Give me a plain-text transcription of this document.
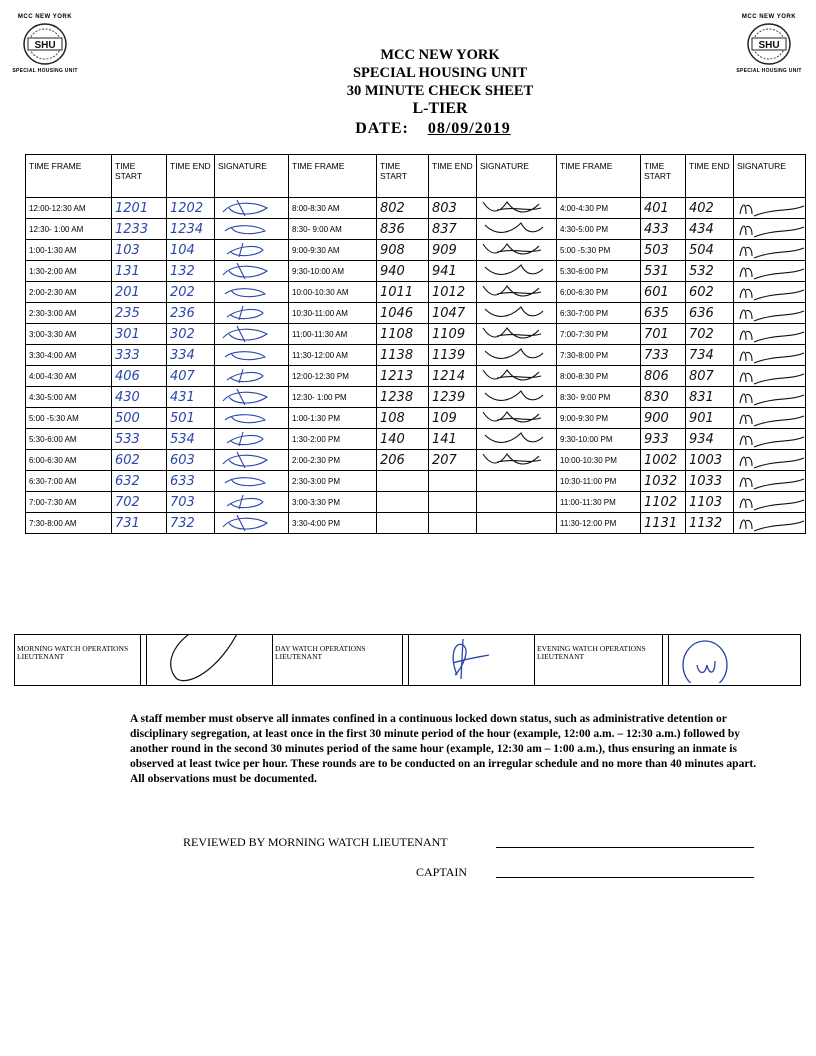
MCC NEW YORK
SHU
SPECIAL HOUSING UNIT
MCC NEW YORK
SHU
SPECIAL HOUSING UNIT
MCC NEW YORK
SPECIAL HOUSING UNIT
30 MINUTE CHECK SHEET
L-TIER
DATE: 08/09/2019
TIME FRAME	TIME START	TIME END	SIGNATURE	TIME FRAME	TIME START	TIME END	SIGNATURE	TIME FRAME	TIME START	TIME END	SIGNATURE
12:00-12:30 AM	1201	1202		8:00-8:30 AM	802	803		4:00-4:30 PM	401	402	

12:30- 1:00 AM	1233	1234		8:30- 9:00 AM	836	837		4:30-5:00 PM	433	434	

1:00-1:30 AM	103	104		9:00-9:30 AM	908	909		5:00 -5:30 PM	503	504	

1:30-2:00 AM	131	132		9:30-10:00 AM	940	941		5:30-6:00 PM	531	532	

2:00-2:30 AM	201	202		10:00-10:30 AM	1011	1012		6:00-6:30 PM	601	602	

2:30-3:00 AM	235	236		10:30-11:00 AM	1046	1047		6:30-7:00 PM	635	636	

3:00-3:30 AM	301	302		11:00-11:30 AM	1108	1109		7:00-7:30 PM	701	702	

3:30-4:00 AM	333	334		11:30-12:00 AM	1138	1139		7:30-8:00 PM	733	734	

4:00-4:30 AM	406	407		12:00-12:30 PM	1213	1214		8:00-8:30 PM	806	807	

4:30-5:00 AM	430	431		12:30- 1:00 PM	1238	1239		8:30- 9:00 PM	830	831	

5:00 -5:30 AM	500	501		1:00-1:30 PM	108	109		9:00-9:30 PM	900	901	

5:30-6:00 AM	533	534		1:30-2:00 PM	140	141		9:30-10:00 PM	933	934	

6:00-6:30 AM	602	603		2:00-2:30 PM	206	207		10:00-10:30 PM	1002	1003	

6:30-7:00 AM	632	633		2:30-3:00 PM				10:30-11:00 PM	1032	1033	

7:00-7:30 AM	702	703		3:00-3:30 PM				11:00-11:30 PM	1102	1103	

7:30-8:00 AM	731	732		3:30-4:00 PM				11:30-12:00 PM	1131	1132	
MORNING WATCH OPERATIONS LIEUTENANT			DAY WATCH OPERATIONS LIEUTENANT			EVENING WATCH OPERATIONS LIEUTENANT		
A staff member must observe all inmates confined in a continuous locked down status, such as administrative detention or disciplinary segregation, at least once in the first 30 minute period of the hour (example, 12:00 a.m. – 12:30 a.m.) followed by another round in the second 30 minutes period of the same hour (example, 12:30 am – 1:00 a.m.), thus ensuring an inmate is observed at least twice per hour. These rounds are to be conducted on an irregular schedule and no more than 40 minutes apart. All observations must be documented.
REVIEWED BY MORNING WATCH LIEUTENANT
CAPTAIN
